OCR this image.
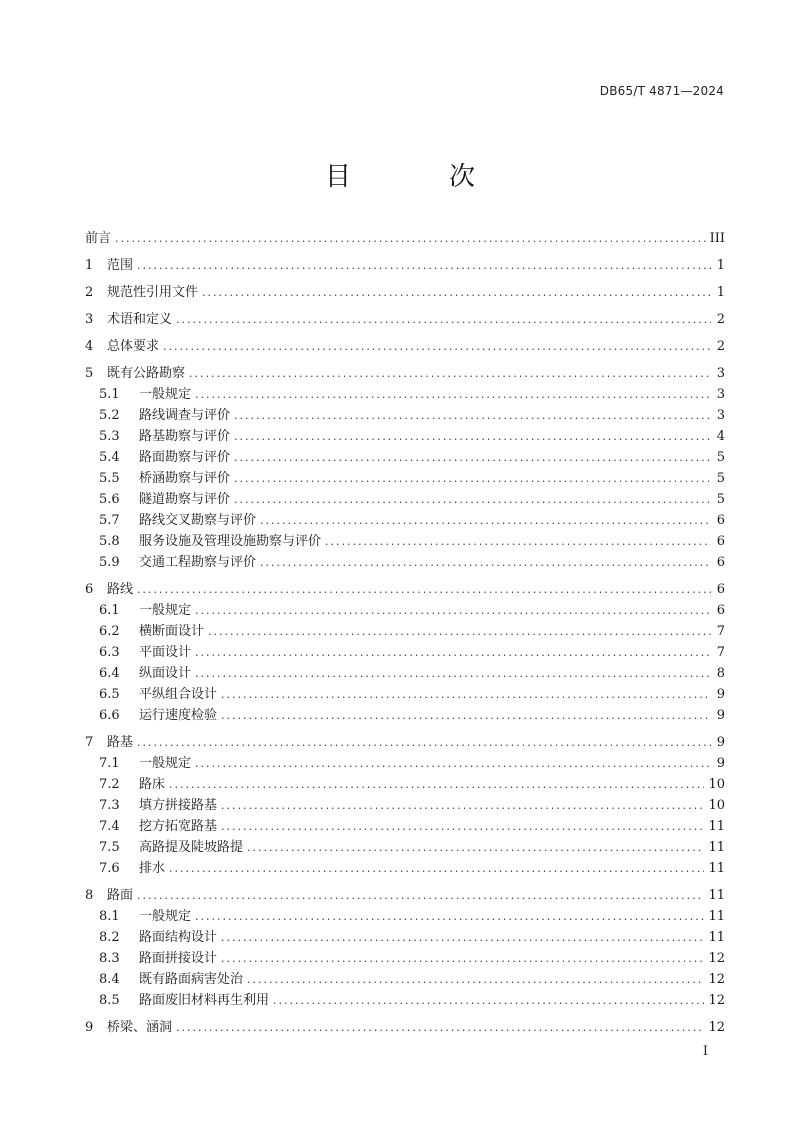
DB65/T 4871—2024
目　次
前言 .....	III
1	范围 .....	1
2	规范性引用文件 .....	1
3	术语和定义 .....	2
4	总体要求 .....	2
5	既有公路勘察 .....	3
5.1	一般规定 .....	3
5.2	路线调查与评价 .....	3
5.3	路基勘察与评价 .....	4
5.4	路面勘察与评价 .....	5
5.5	桥涵勘察与评价 .....	5
5.6	隧道勘察与评价 .....	5
5.7	路线交叉勘察与评价 .....	6
5.8	服务设施及管理设施勘察与评价 .....	6
5.9	交通工程勘察与评价 .....	6
6	路线 .....	6
6.1	一般规定 .....	6
6.2	横断面设计 .....	7
6.3	平面设计 .....	7
6.4	纵面设计 .....	8
6.5	平纵组合设计 .....	9
6.6	运行速度检验 .....	9
7	路基 .....	9
7.1	一般规定 .....	9
7.2	路床 .....	10
7.3	填方拼接路基 .....	10
7.4	挖方拓宽路基 .....	11
7.5	高路提及陡坡路提 .....	11
7.6	排水 .....	11
8	路面 .....	11
8.1	一般规定 .....	11
8.2	路面结构设计 .....	11
8.3	路面拼接设计 .....	12
8.4	既有路面病害处治 .....	12
8.5	路面废旧材料再生利用 .....	12
9	桥梁、涵洞 .....	12
I
